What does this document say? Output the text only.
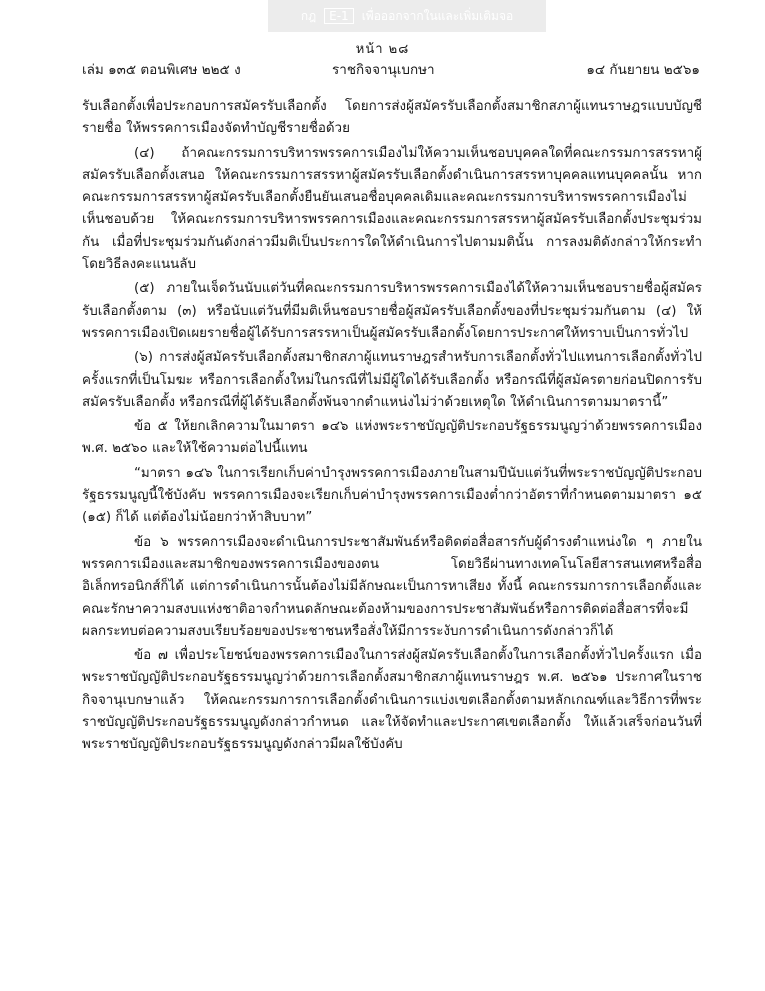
กฎ	E-1	เพื่อออกจากในและเพิ่มเติมจอ
หน้า ๒๘
เล่ม ๑๓๕ ตอนพิเศษ ๒๒๕ ง	ราชกิจจานุเบกษา	๑๔ กันยายน ๒๕๖๑

รับเลือกตั้งเพื่อประกอบการสมัครรับเลือกตั้ง โดยการส่งผู้สมัครรับเลือกตั้งสมาชิกสภาผู้แทนราษฎรแบบบัญชีรายชื่อ ให้พรรคการเมืองจัดทำบัญชีรายชื่อด้วย

(๔) ถ้าคณะกรรมการบริหารพรรคการเมืองไม่ให้ความเห็นชอบบุคคลใดที่คณะกรรมการสรรหาผู้สมัครรับเลือกตั้งเสนอ ให้คณะกรรมการสรรหาผู้สมัครรับเลือกตั้งดำเนินการสรรหาบุคคลแทนบุคคลนั้น หากคณะกรรมการสรรหาผู้สมัครรับเลือกตั้งยืนยันเสนอชื่อบุคคลเดิมและคณะกรรมการบริหารพรรคการเมืองไม่เห็นชอบด้วย ให้คณะกรรมการบริหารพรรคการเมืองและคณะกรรมการสรรหาผู้สมัครรับเลือกตั้งประชุมร่วมกัน เมื่อที่ประชุมร่วมกันดังกล่าวมีมติเป็นประการใดให้ดำเนินการไปตามมตินั้น การลงมติดังกล่าวให้กระทำโดยวิธีลงคะแนนลับ

(๕) ภายในเจ็ดวันนับแต่วันที่คณะกรรมการบริหารพรรคการเมืองได้ให้ความเห็นชอบรายชื่อผู้สมัครรับเลือกตั้งตาม (๓) หรือนับแต่วันที่มีมติเห็นชอบรายชื่อผู้สมัครรับเลือกตั้งของที่ประชุมร่วมกันตาม (๔) ให้พรรคการเมืองเปิดเผยรายชื่อผู้ได้รับการสรรหาเป็นผู้สมัครรับเลือกตั้งโดยการประกาศให้ทราบเป็นการทั่วไป

(๖) การส่งผู้สมัครรับเลือกตั้งสมาชิกสภาผู้แทนราษฎรสำหรับการเลือกตั้งทั่วไปแทนการเลือกตั้งทั่วไปครั้งแรกที่เป็นโมฆะ หรือการเลือกตั้งใหม่ในกรณีที่ไม่มีผู้ใดได้รับเลือกตั้ง หรือกรณีที่ผู้สมัครตายก่อนปิดการรับสมัครรับเลือกตั้ง หรือกรณีที่ผู้ได้รับเลือกตั้งพ้นจากตำแหน่งไม่ว่าด้วยเหตุใด ให้ดำเนินการตามมาตรานี้”

ข้อ ๕ ให้ยกเลิกความในมาตรา ๑๔๖ แห่งพระราชบัญญัติประกอบรัฐธรรมนูญว่าด้วยพรรคการเมือง พ.ศ. ๒๕๖๐ และให้ใช้ความต่อไปนี้แทน

“มาตรา ๑๔๖ ในการเรียกเก็บค่าบำรุงพรรคการเมืองภายในสามปีนับแต่วันที่พระราชบัญญัติประกอบรัฐธรรมนูญนี้ใช้บังคับ พรรคการเมืองจะเรียกเก็บค่าบำรุงพรรคการเมืองต่ำกว่าอัตราที่กำหนดตามมาตรา ๑๕ (๑๕) ก็ได้ แต่ต้องไม่น้อยกว่าห้าสิบบาท”

ข้อ ๖ พรรคการเมืองจะดำเนินการประชาสัมพันธ์หรือติดต่อสื่อสารกับผู้ดำรงตำแหน่งใด ๆ ภายในพรรคการเมืองและสมาชิกของพรรคการเมืองของตน โดยวิธีผ่านทางเทคโนโลยีสารสนเทศหรือสื่ออิเล็กทรอนิกส์ก็ได้ แต่การดำเนินการนั้นต้องไม่มีลักษณะเป็นการหาเสียง ทั้งนี้ คณะกรรมการการเลือกตั้งและคณะรักษาความสงบแห่งชาติอาจกำหนดลักษณะต้องห้ามของการประชาสัมพันธ์หรือการติดต่อสื่อสารที่จะมีผลกระทบต่อความสงบเรียบร้อยของประชาชนหรือสั่งให้มีการระงับการดำเนินการดังกล่าวก็ได้

ข้อ ๗ เพื่อประโยชน์ของพรรคการเมืองในการส่งผู้สมัครรับเลือกตั้งในการเลือกตั้งทั่วไปครั้งแรก เมื่อพระราชบัญญัติประกอบรัฐธรรมนูญว่าด้วยการเลือกตั้งสมาชิกสภาผู้แทนราษฎร พ.ศ. ๒๕๖๑ ประกาศในราชกิจจานุเบกษาแล้ว ให้คณะกรรมการการเลือกตั้งดำเนินการแบ่งเขตเลือกตั้งตามหลักเกณฑ์และวิธีการที่พระราชบัญญัติประกอบรัฐธรรมนูญดังกล่าวกำหนด และให้จัดทำและประกาศเขตเลือกตั้ง ให้แล้วเสร็จก่อนวันที่พระราชบัญญัติประกอบรัฐธรรมนูญดังกล่าวมีผลใช้บังคับ
